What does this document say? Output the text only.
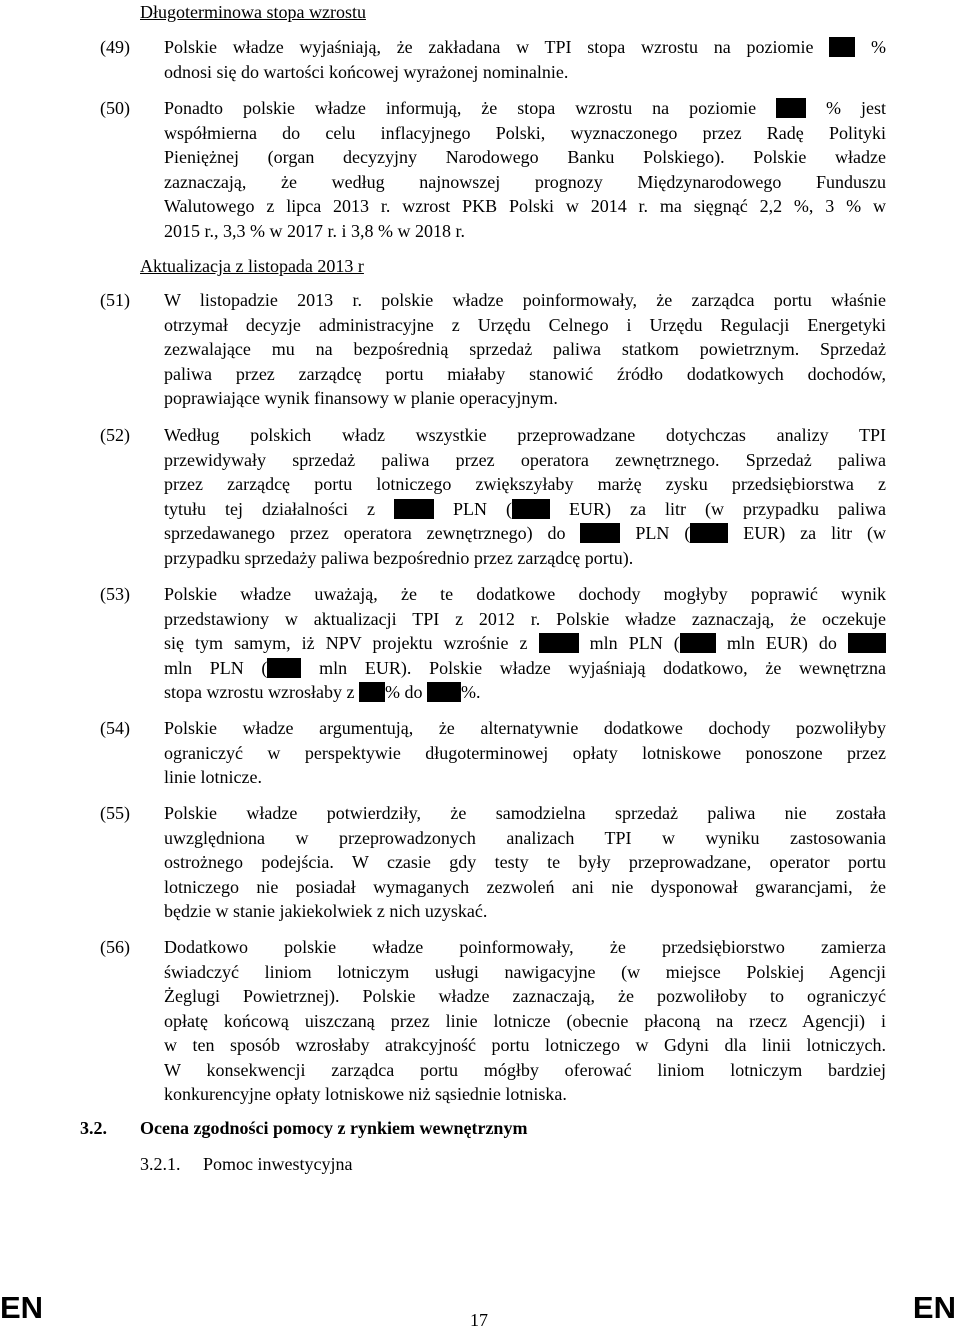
Długoterminowa stopa wzrostu
(49) Polskie władze wyjaśniają, że zakładana w TPI stopa wzrostu na poziomie  %
odnosi się do wartości końcowej wyrażonej nominalnie.
(50) Ponadto polskie władze informują, że stopa wzrostu na poziomie  % jest
współmierna do celu inflacyjnego Polski, wyznaczonego przez Radę Polityki
Pieniężnej (organ decyzyjny Narodowego Banku Polskiego). Polskie władze
zaznaczają, że według najnowszej prognozy Międzynarodowego Funduszu
Walutowego z lipca 2013 r. wzrost PKB Polski w 2014 r. ma sięgnąć 2,2 %, 3 % w
2015 r., 3,3 % w 2017 r. i 3,8 % w 2018 r.
Aktualizacja z listopada 2013 r
(51) W listopadzie 2013 r. polskie władze poinformowały, że zarządca portu właśnie
otrzymał decyzje administracyjne z Urzędu Celnego i Urzędu Regulacji Energetyki
zezwalające mu na bezpośrednią sprzedaż paliwa statkom powietrznym. Sprzedaż
paliwa przez zarządcę portu miałaby stanowić źródło dodatkowych dochodów,
poprawiające wynik finansowy w planie operacyjnym.
(52) Według polskich władz wszystkie przeprowadzane dotychczas analizy TPI
przewidywały sprzedaż paliwa przez operatora zewnętrznego. Sprzedaż paliwa
przez zarządcę portu lotniczego zwiększyłaby marżę zysku przedsiębiorstwa z
tytułu tej działalności z  PLN ( EUR) za litr (w przypadku paliwa
sprzedawanego przez operatora zewnętrznego) do  PLN ( EUR) za litr (w
przypadku sprzedaży paliwa bezpośrednio przez zarządcę portu).
(53) Polskie władze uważają, że te dodatkowe dochody mogłyby poprawić wynik
przedstawiony w aktualizacji TPI z 2012 r. Polskie władze zaznaczają, że oczekuje
się tym samym, iż NPV projektu wzrośnie z  mln PLN ( mln EUR) do
mln PLN ( mln EUR). Polskie władze wyjaśniają dodatkowo, że wewnętrzna
stopa wzrostu wzrosłaby z % do %.
(54) Polskie władze argumentują, że alternatywnie dodatkowe dochody pozwoliłyby
ograniczyć w perspektywie długoterminowej opłaty lotniskowe ponoszone przez
linie lotnicze.
(55) Polskie władze potwierdziły, że samodzielna sprzedaż paliwa nie została
uwzględniona w przeprowadzonych analizach TPI w wyniku zastosowania
ostrożnego podejścia. W czasie gdy testy te były przeprowadzane, operator portu
lotniczego nie posiadał wymaganych zezwoleń ani nie dysponował gwarancjami, że
będzie w stanie jakiekolwiek z nich uzyskać.
(56) Dodatkowo polskie władze poinformowały, że przedsiębiorstwo zamierza
świadczyć liniom lotniczym usługi nawigacyjne (w miejsce Polskiej Agencji
Żeglugi Powietrznej). Polskie władze zaznaczają, że pozwoliłoby to ograniczyć
opłatę końcową uiszczaną przez linie lotnicze (obecnie płaconą na rzecz Agencji) i
w ten sposób wzrosłaby atrakcyjność portu lotniczego w Gdyni dla linii lotniczych.
W konsekwencji zarządca portu mógłby oferować liniom lotniczym bardziej
konkurencyjne opłaty lotniskowe niż sąsiednie lotniska.
3.2. Ocena zgodności pomocy z rynkiem wewnętrznym
3.2.1. Pomoc inwestycyjna
EN	17	EN
